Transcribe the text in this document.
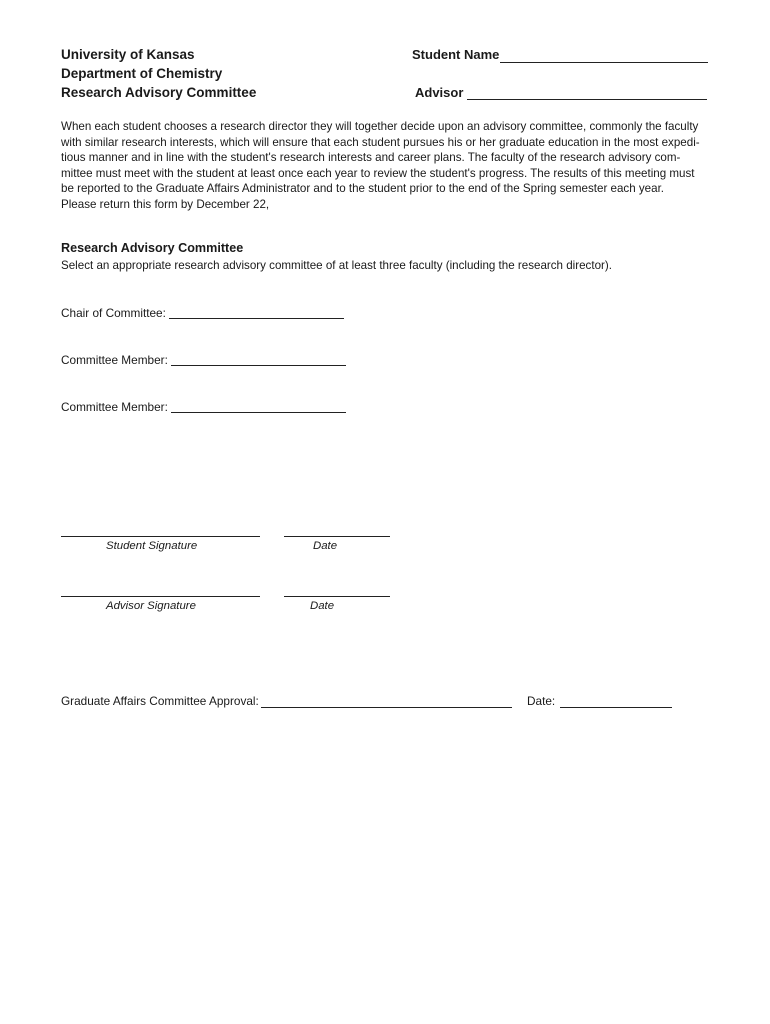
University of Kansas
Department of Chemistry
Research Advisory Committee
Student Name
Advisor
When each student chooses a research director they will together decide upon an advisory committee, commonly the faculty
with similar research interests, which will ensure that each student pursues his or her graduate education in the most expedi-
tious manner and in line with the student's research interests and career plans. The faculty of the research advisory com-
mittee must meet with the student at least once each year to review the student's progress. The results of this meeting must
be reported to the Graduate Affairs Administrator and to the student prior to the end of the Spring semester each year.
Please return this form by December 22,
Research Advisory Committee
Select an appropriate research advisory committee of at least three faculty (including the research director).
Chair of Committee:
Committee Member:
Committee Member:
Student Signature	Date
Advisor Signature	Date
Graduate Affairs Committee Approval:	Date:
